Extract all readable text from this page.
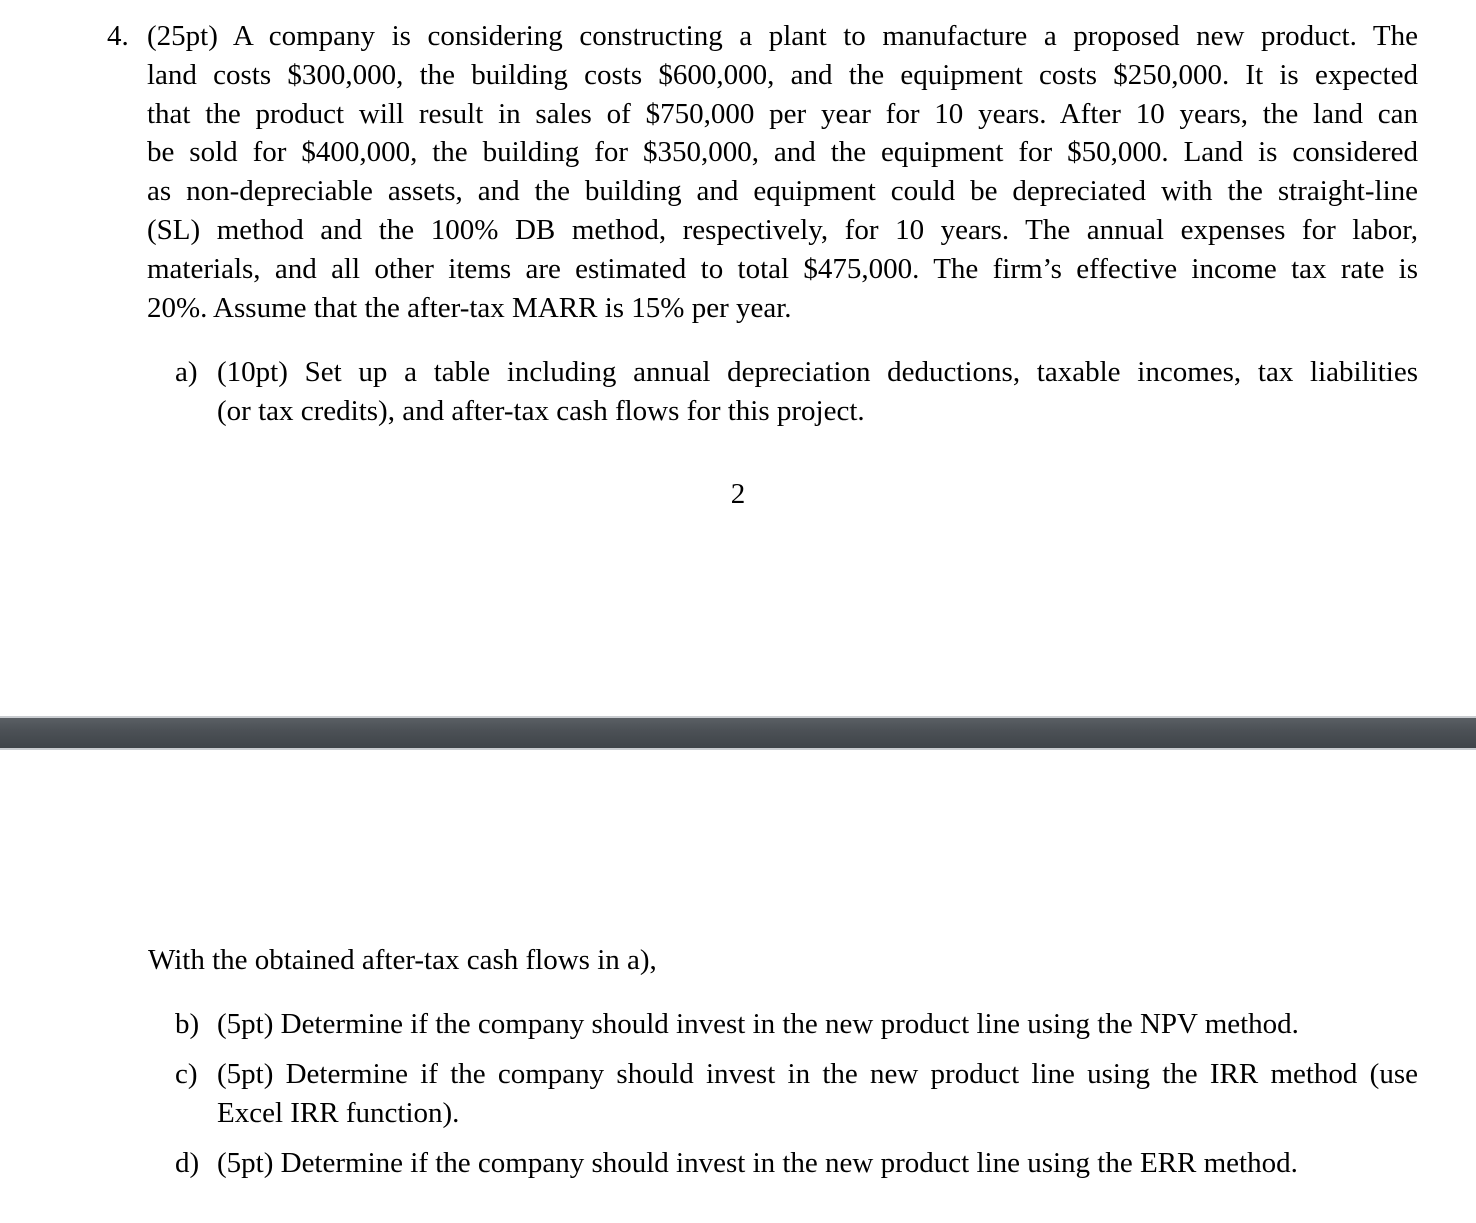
4. (25pt) A company is considering constructing a plant to manufacture a proposed new product. The
land costs $300,000, the building costs $600,000, and the equipment costs $250,000. It is expected
that the product will result in sales of $750,000 per year for 10 years. After 10 years, the land can
be sold for $400,000, the building for $350,000, and the equipment for $50,000. Land is considered
as non-depreciable assets, and the building and equipment could be depreciated with the straight-line
(SL) method and the 100% DB method, respectively, for 10 years. The annual expenses for labor,
materials, and all other items are estimated to total $475,000. The firm’s effective income tax rate is
20%. Assume that the after-tax MARR is 15% per year.
a) (10pt) Set up a table including annual depreciation deductions, taxable incomes, tax liabilities
(or tax credits), and after-tax cash flows for this project.
2
With the obtained after-tax cash flows in a),
b) (5pt) Determine if the company should invest in the new product line using the NPV method.
c) (5pt) Determine if the company should invest in the new product line using the IRR method (use
Excel IRR function).
d) (5pt) Determine if the company should invest in the new product line using the ERR method.
